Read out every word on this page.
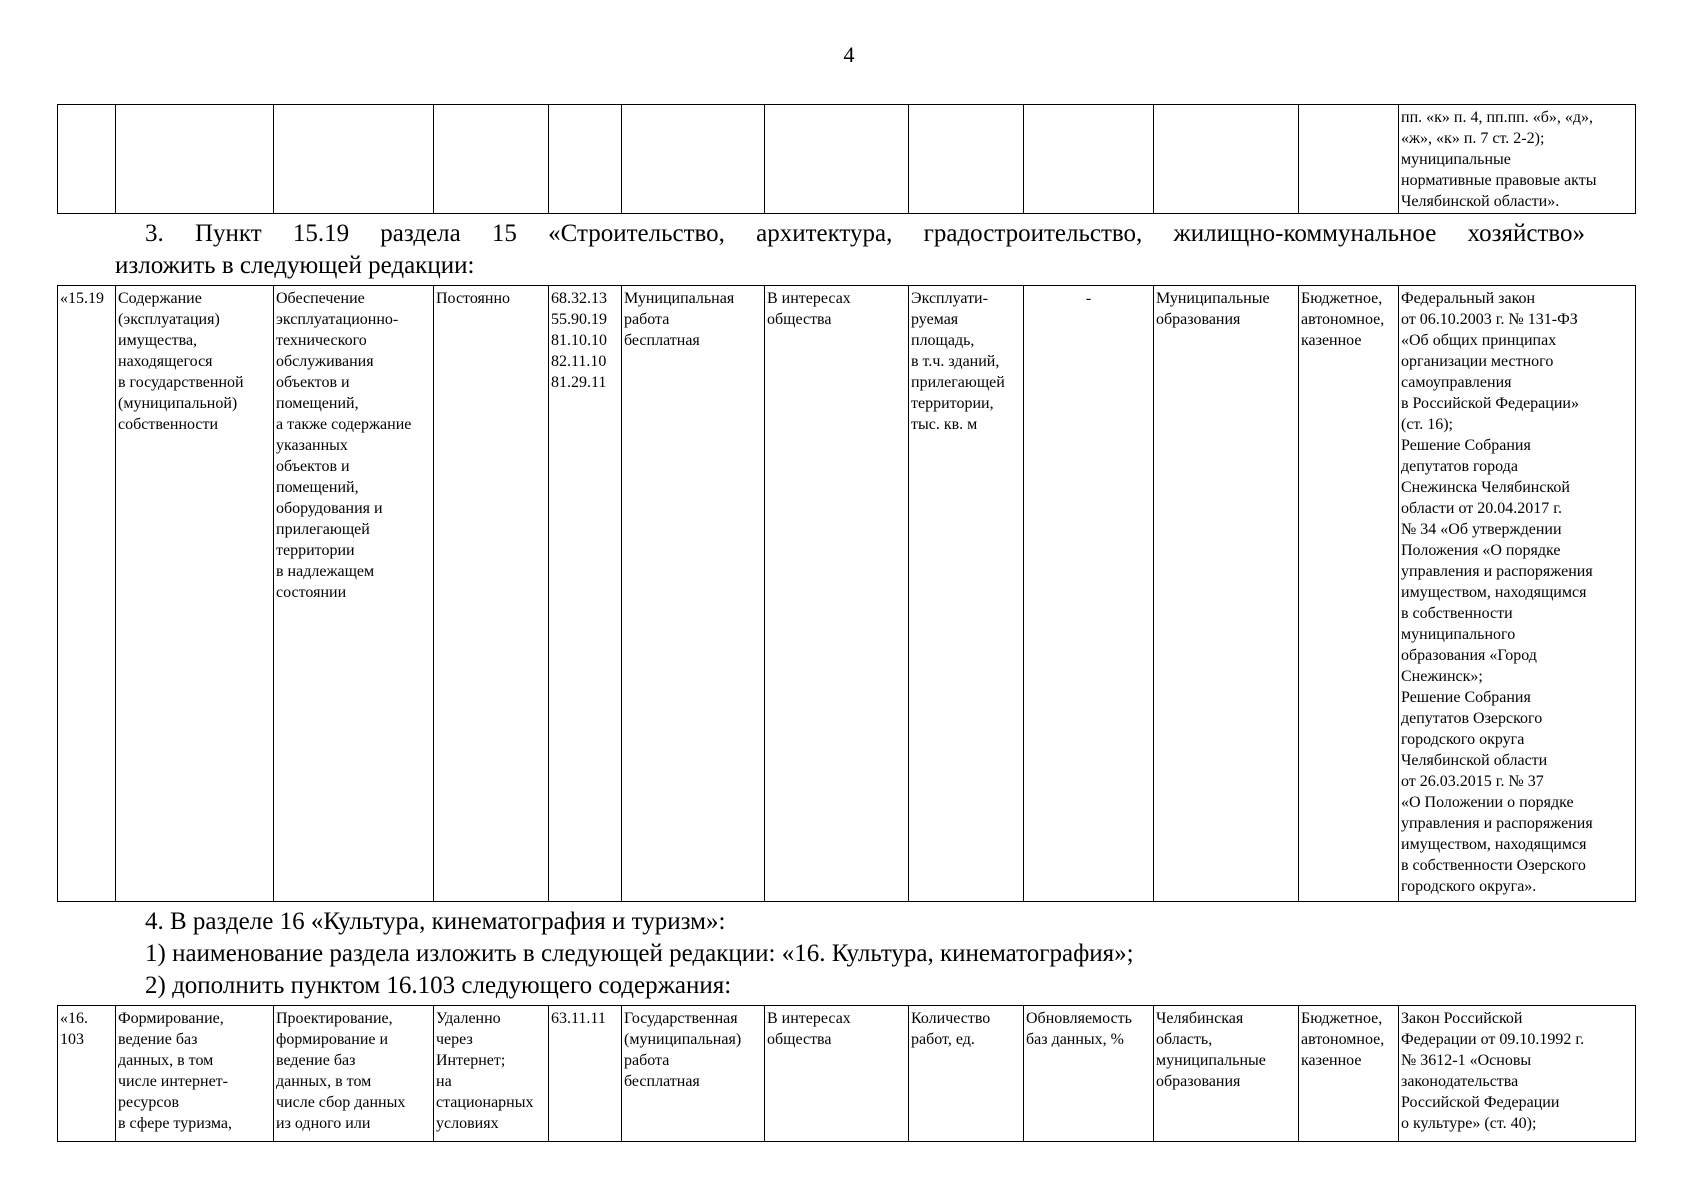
4
											пп. «к» п. 4, пп.пп. «б», «д»,
«ж», «к» п. 7 ст. 2-2);
муниципальные
нормативные правовые акты
Челябинской области».
3. Пункт 15.19 раздела 15 «Строительство, архитектура, градостроительство, жилищно-коммунальное хозяйство»
изложить в следующей редакции:
«15.19	Содержание
(эксплуатация)
имущества,
находящегося
в государственной
(муниципальной)
собственности	Обеспечение
эксплуатационно-
технического
обслуживания
объектов и
помещений,
а также содержание
указанных
объектов и
помещений,
оборудования и
прилегающей
территории
в надлежащем
состоянии	Постоянно	68.32.13
55.90.19
81.10.10
82.11.10
81.29.11	Муниципальная
работа
бесплатная	В интересах
общества	Эксплуати-
руемая
площадь,
в т.ч. зданий,
прилегающей
территории,
тыс. кв. м	-	Муниципальные
образования	Бюджетное,
автономное,
казенное	Федеральный закон
от 06.10.2003 г. № 131-ФЗ
«Об общих принципах
организации местного
самоуправления
в Российской Федерации»
(ст. 16);
Решение Собрания
депутатов города
Снежинска Челябинской
области от 20.04.2017 г.
№ 34 «Об утверждении
Положения «О порядке
управления и распоряжения
имуществом, находящимся
в собственности
муниципального
образования «Город
Снежинск»;
Решение Собрания
депутатов Озерского
городского округа
Челябинской области
от 26.03.2015 г. № 37
«О Положении о порядке
управления и распоряжения
имуществом, находящимся
в собственности Озерского
городского округа».
4. В разделе 16 «Культура, кинематография и туризм»:
1) наименование раздела изложить в следующей редакции: «16. Культура, кинематография»;
2) дополнить пунктом 16.103 следующего содержания:
«16.
103	Формирование,
ведение баз
данных, в том
числе интернет-
ресурсов
в сфере туризма,	Проектирование,
формирование и
ведение баз
данных, в том
числе сбор данных
из одного или	Удаленно
через
Интернет;
на
стационарных
условиях	63.11.11	Государственная
(муниципальная)
работа
бесплатная	В интересах
общества	Количество
работ, ед.	Обновляемость
баз данных, %	Челябинская
область,
муниципальные
образования	Бюджетное,
автономное,
казенное	Закон Российской
Федерации от 09.10.1992 г.
№ 3612-1 «Основы
законодательства
Российской Федерации
о культуре» (ст. 40);
